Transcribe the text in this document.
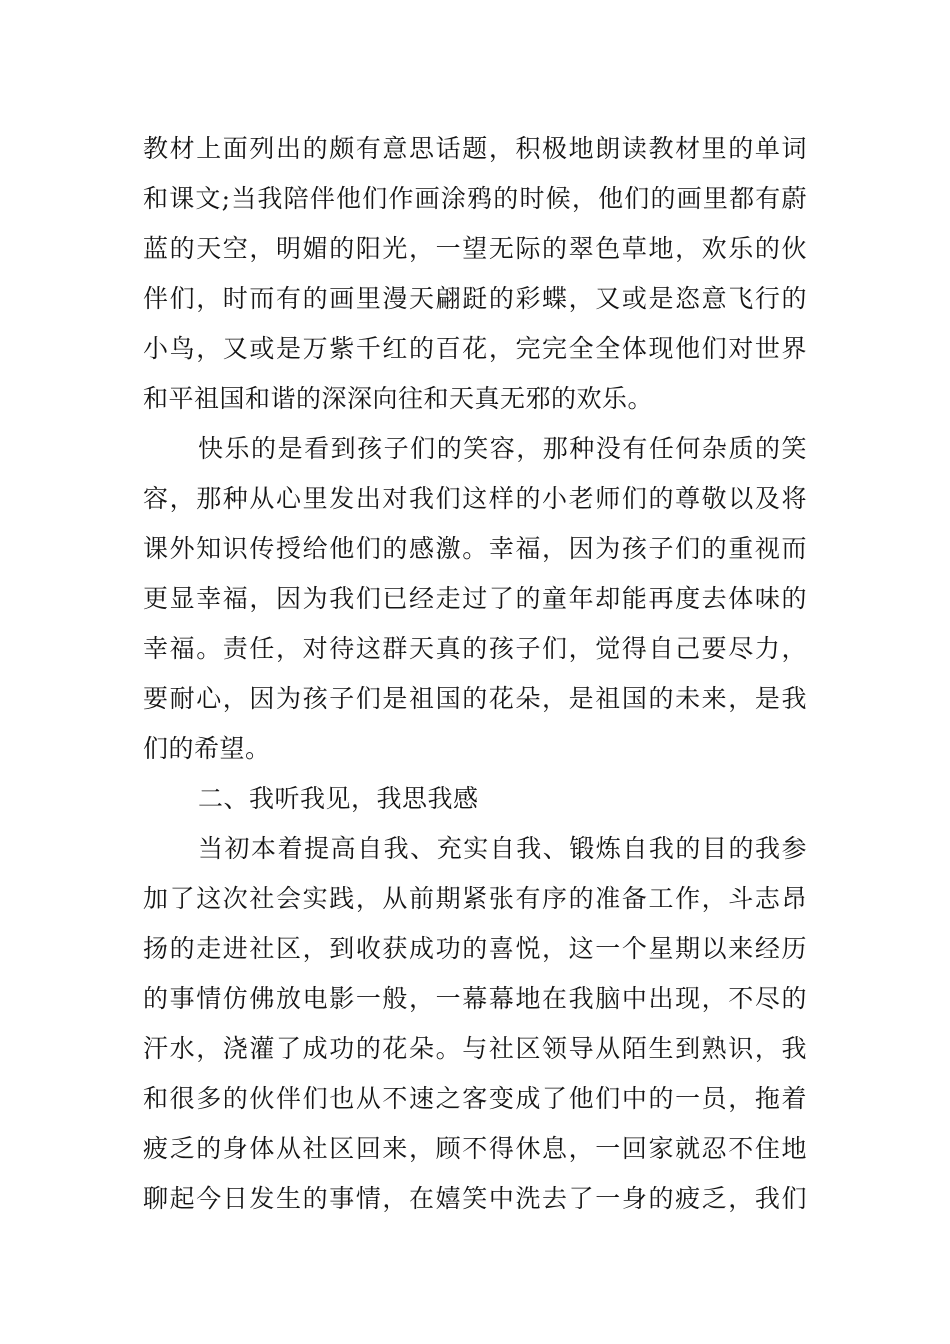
教材上面列出的颇有意思话题，积极地朗读教材里的单词
和课文;当我陪伴他们作画涂鸦的时候，他们的画里都有蔚
蓝的天空，明媚的阳光，一望无际的翠色草地，欢乐的伙
伴们，时而有的画里漫天翩跹的彩蝶，又或是恣意飞行的
小鸟，又或是万紫千红的百花，完完全全体现他们对世界
和平祖国和谐的深深向往和天真无邪的欢乐。
快乐的是看到孩子们的笑容，那种没有任何杂质的笑
容，那种从心里发出对我们这样的小老师们的尊敬以及将
课外知识传授给他们的感激。幸福，因为孩子们的重视而
更显幸福，因为我们已经走过了的童年却能再度去体味的
幸福。责任，对待这群天真的孩子们，觉得自己要尽力，
要耐心，因为孩子们是祖国的花朵，是祖国的未来，是我
们的希望。
二、我听我见，我思我感
当初本着提高自我、充实自我、锻炼自我的目的我参
加了这次社会实践，从前期紧张有序的准备工作，斗志昂
扬的走进社区，到收获成功的喜悦，这一个星期以来经历
的事情仿佛放电影一般，一幕幕地在我脑中出现，不尽的
汗水，浇灌了成功的花朵。与社区领导从陌生到熟识，我
和很多的伙伴们也从不速之客变成了他们中的一员，拖着
疲乏的身体从社区回来，顾不得休息，一回家就忍不住地
聊起今日发生的事情，在嬉笑中洗去了一身的疲乏，我们
